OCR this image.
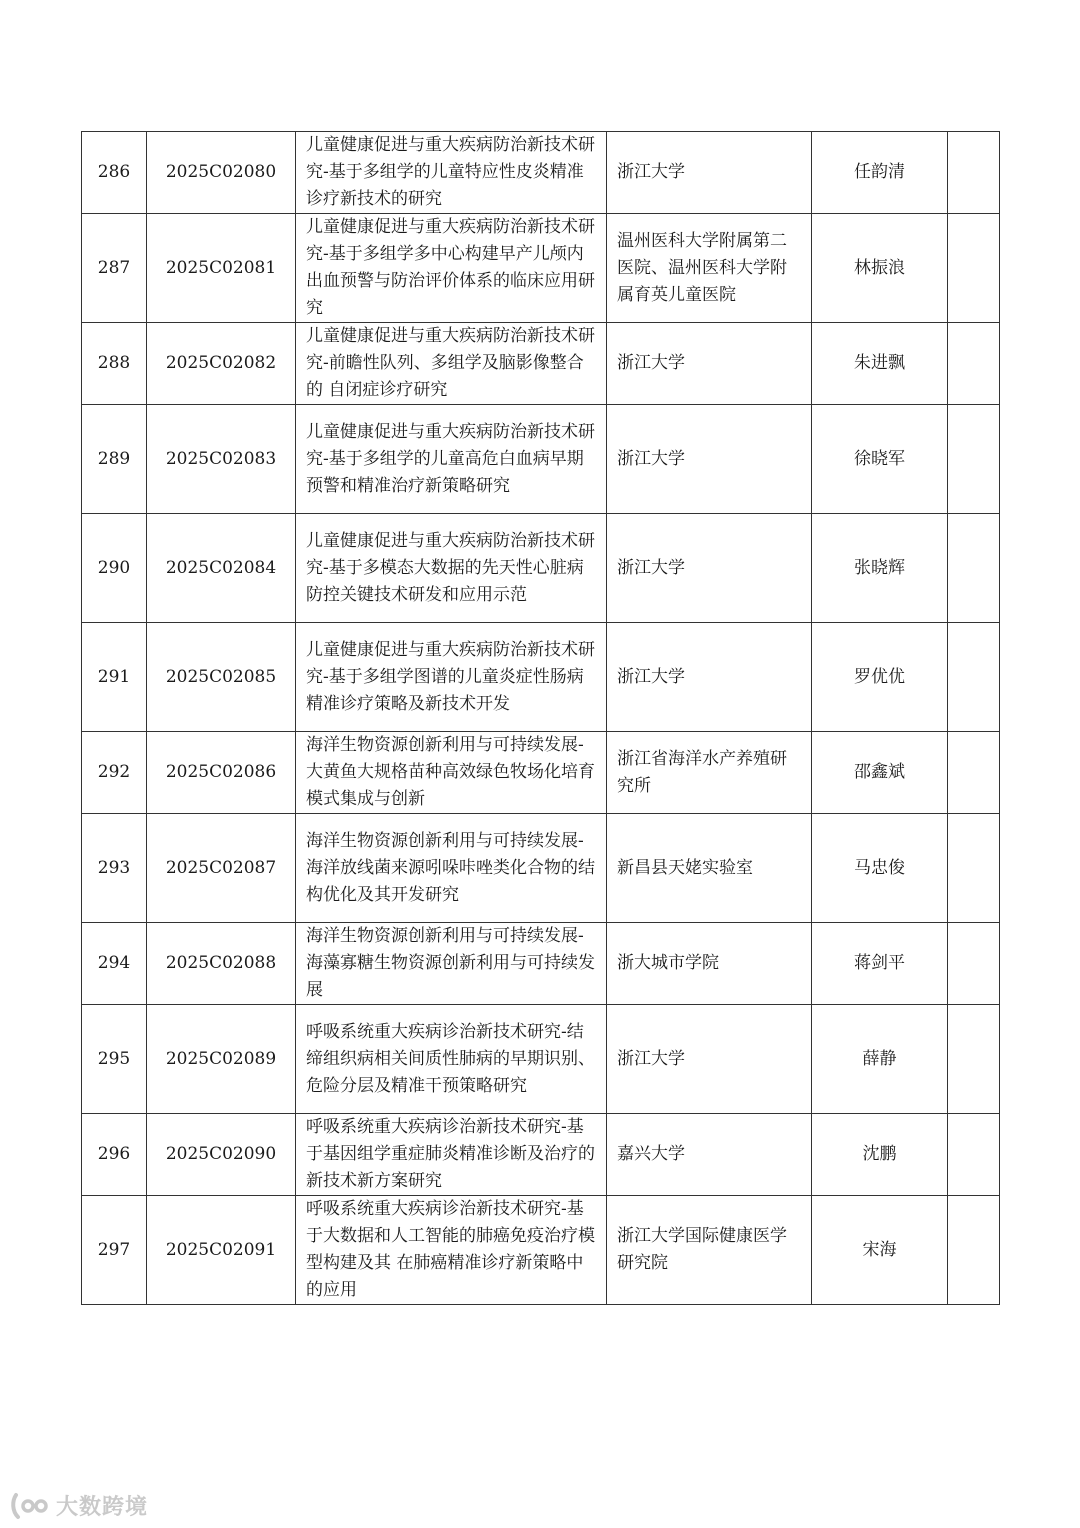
286	2025C02080	儿童健康促进与重大疾病防治新技术研究-基于多组学的儿童特应性皮炎精准诊疗新技术的研究	浙江大学	任韵清	
287	2025C02081	儿童健康促进与重大疾病防治新技术研究-基于多组学多中心构建早产儿颅内出血预警与防治评价体系的临床应用研究	温州医科大学附属第二医院、温州医科大学附属育英儿童医院	林振浪	
288	2025C02082	儿童健康促进与重大疾病防治新技术研究-前瞻性队列、多组学及脑影像整合的 自闭症诊疗研究	浙江大学	朱进飘	
289	2025C02083	儿童健康促进与重大疾病防治新技术研究-基于多组学的儿童高危白血病早期预警和精准治疗新策略研究	浙江大学	徐晓军	
290	2025C02084	儿童健康促进与重大疾病防治新技术研究-基于多模态大数据的先天性心脏病防控关键技术研发和应用示范	浙江大学	张晓辉	
291	2025C02085	儿童健康促进与重大疾病防治新技术研究-基于多组学图谱的儿童炎症性肠病精准诊疗策略及新技术开发	浙江大学	罗优优	
292	2025C02086	海洋生物资源创新利用与可持续发展-大黄鱼大规格苗种高效绿色牧场化培育模式集成与创新	浙江省海洋水产养殖研究所	邵鑫斌	
293	2025C02087	海洋生物资源创新利用与可持续发展-海洋放线菌来源吲哚咔唑类化合物的结构优化及其开发研究	新昌县天姥实验室	马忠俊	
294	2025C02088	海洋生物资源创新利用与可持续发展-海藻寡糖生物资源创新利用与可持续发展	浙大城市学院	蒋剑平	
295	2025C02089	呼吸系统重大疾病诊治新技术研究-结缔组织病相关间质性肺病的早期识别、危险分层及精准干预策略研究	浙江大学	薛静	
296	2025C02090	呼吸系统重大疾病诊治新技术研究-基于基因组学重症肺炎精准诊断及治疗的新技术新方案研究	嘉兴大学	沈鹏	
297	2025C02091	呼吸系统重大疾病诊治新技术研究-基于大数据和人工智能的肺癌免疫治疗模型构建及其 在肺癌精准诊疗新策略中的应用	浙江大学国际健康医学研究院	宋海	
大数跨境
